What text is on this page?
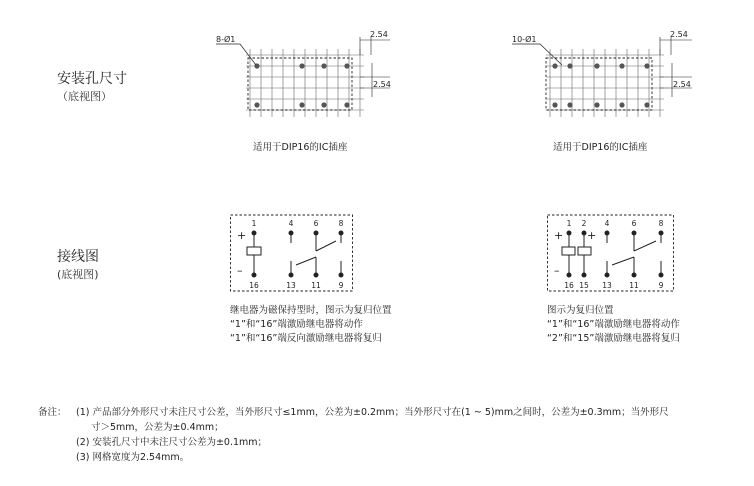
安装孔尺寸
（底视图）
接线图
(底视图)
8-Ø1
2.54
2.54
适用于DIP16的IC插座
10-Ø1
2.54
2.54
适用于DIP16的IC插座
1	4	6	8
16	13 11 9
+
–
继电器为磁保持型时，图示为复归位置
“1”和“16”端激励继电器将动作
“1”和“16”端反向激励继电器将复归
1 2 4	6	8
16 15 13 11	9
+
–
+
图示为复归位置
“1”和“16”端激励继电器将动作
“2”和“15”端激励继电器将复归
备注： (1) 产品部分外形尺寸未注尺寸公差，当外形尺寸≤1mm，公差为±0.2mm；当外形尺寸在(1 ~ 5)mm之间时，公差为±0.3mm；当外形尺
寸＞5mm，公差为±0.4mm；
(2) 安装孔尺寸中未注尺寸公差为±0.1mm；
(3) 网格宽度为2.54mm。
